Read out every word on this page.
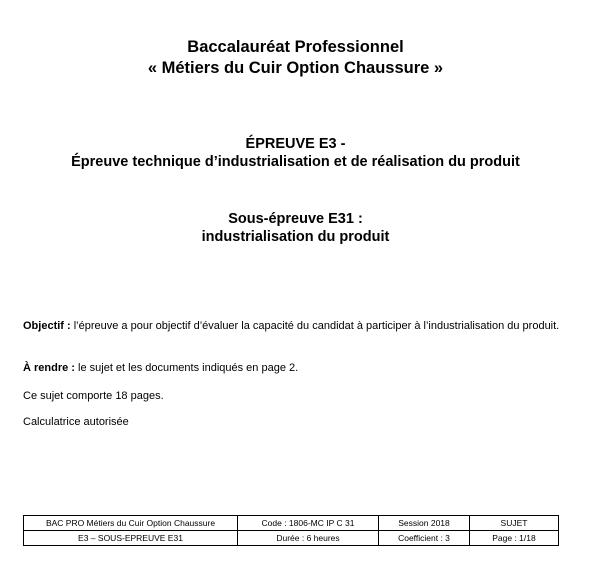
Baccalauréat Professionnel
« Métiers du Cuir Option Chaussure »
ÉPREUVE E3 -
Épreuve technique d’industrialisation et de réalisation du produit
Sous-épreuve E31 :
industrialisation du produit
Objectif : l’épreuve a pour objectif d’évaluer la capacité du candidat à participer à l’industrialisation du produit.
À rendre : le sujet et les documents indiqués en page 2.
Ce sujet comporte 18 pages.
Calculatrice autorisée
BAC PRO Métiers du Cuir Option Chaussure	Code : 1806-MC IP C 31	Session 2018	SUJET
E3 – SOUS-EPREUVE E31	Durée : 6 heures	Coefficient : 3	Page : 1/18
